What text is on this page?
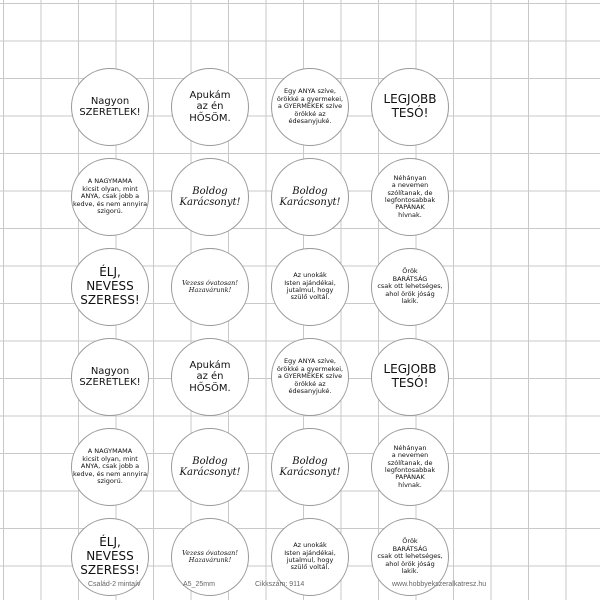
Nagyon
SZERETLEK!
Apukám
az én
HŐSÖM.
Egy ANYA szíve,
örökké a gyermekei,
a GYERMEKEK szíve
örökké az
édesanyjuké.
LEGJOBB
TESÓ!
A NAGYMAMA
kicsit olyan, mint
ANYA, csak jobb a
kedve, és nem annyira
szigorú.
Boldog
Karácsonyt!
Boldog
Karácsonyt!
Néhányan
a nevemen
szólítanak, de
legfontosabbak
PAPÁNAK
hívnak.
ÉLJ,
NEVESS
SZERESS!
Vezess óvatosan!
Hazavárunk!
Az unokák
Isten ajándékai,
jutalmul, hogy
szülő voltál.
Örök
BARÁTSÁG
csak ott lehetséges,
ahol örök jóság
lakik.
Nagyon
SZERETLEK!
Apukám
az én
HŐSÖM.
Egy ANYA szíve,
örökké a gyermekei,
a GYERMEKEK szíve
örökké az
édesanyjuké.
LEGJOBB
TESÓ!
A NAGYMAMA
kicsit olyan, mint
ANYA, csak jobb a
kedve, és nem annyira
szigorú.
Boldog
Karácsonyt!
Boldog
Karácsonyt!
Néhányan
a nevemen
szólítanak, de
legfontosabbak
PAPÁNAK
hívnak.
ÉLJ,
NEVESS
SZERESS!
Vezess óvatosan!
Hazavárunk!
Az unokák
Isten ajándékai,
jutalmul, hogy
szülő voltál.
Örök
BARÁTSÁG
csak ott lehetséges,
ahol örök jóság
lakik.
Család-2 mintaív	A5_25mm	Cikkszám: 9114	www.hobbyekszeralkatresz.hu
